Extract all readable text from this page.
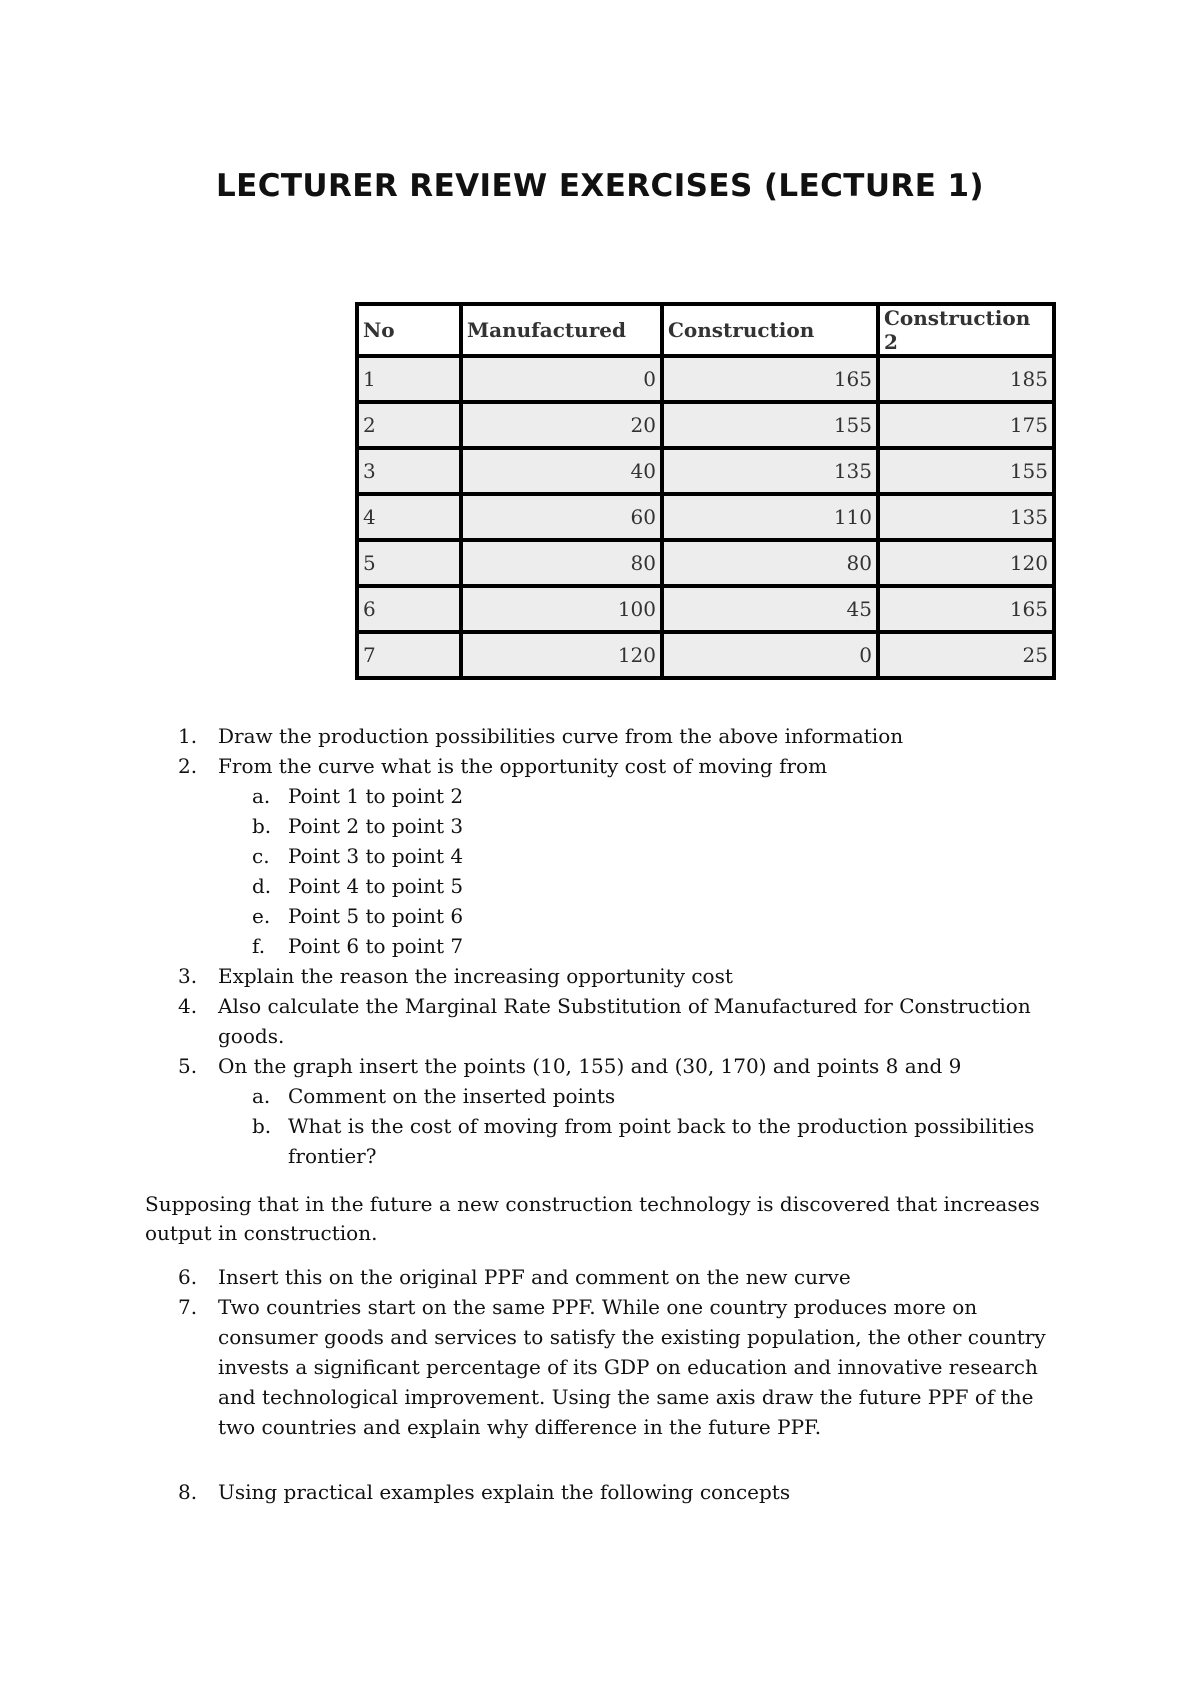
LECTURER REVIEW EXERCISES (LECTURE 1)
No	Manufactured	Construction	Construction 2
1	0	165	185
2	20	155	175
3	40	135	155
4	60	110	135
5	80	80	120
6	100	45	165
7	120	0	25
1.	Draw the production possibilities curve from the above information
2.	From the curve what is the opportunity cost of moving from
a. Point 1 to point 2
b. Point 2 to point 3
c. Point 3 to point 4
d. Point 4 to point 5
e. Point 5 to point 6
f.	Point 6 to point 7
3.	Explain the reason the increasing opportunity cost
4.	Also calculate the Marginal Rate Substitution of Manufactured for Construction goods.
5.	On the graph insert the points (10, 155) and (30, 170) and points 8 and 9
a. Comment on the inserted points
b. What is the cost of moving from point back to the production possibilities frontier?

Supposing that in the future a new construction technology is discovered that increases output in construction.

6.	Insert this on the original PPF and comment on the new curve
7.	Two countries start on the same PPF. While one country produces more on consumer goods and services to satisfy the existing population, the other country invests a significant percentage of its GDP on education and innovative research and technological improvement. Using the same axis draw the future PPF of the two countries and explain why difference in the future PPF.
8.	Using practical examples explain the following concepts
